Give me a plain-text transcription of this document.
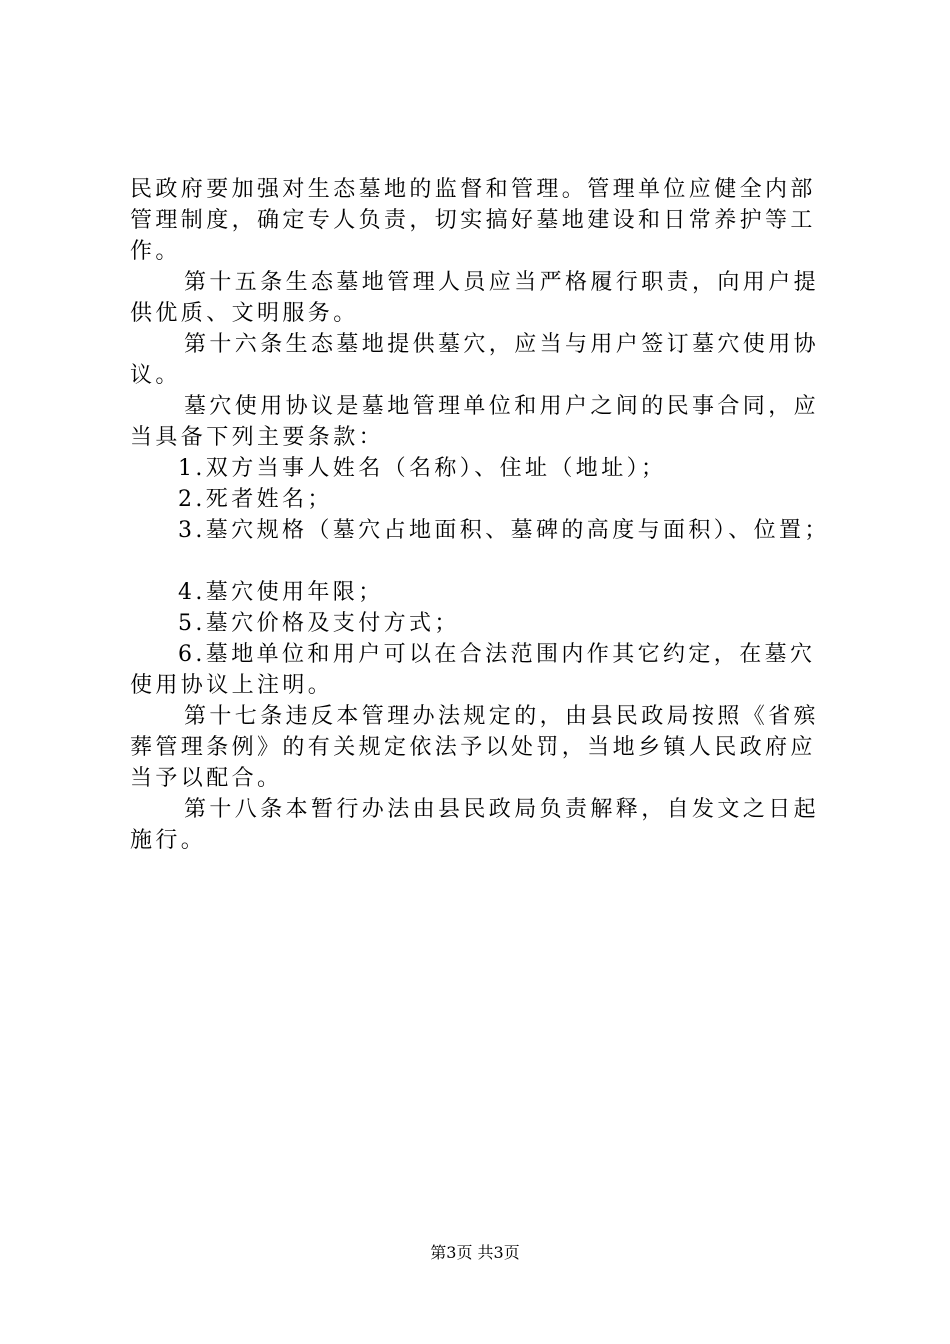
民政府要加强对生态墓地的监督和管理。管理单位应健全内部
管理制度，确定专人负责，切实搞好墓地建设和日常养护等工
作。
第十五条生态墓地管理人员应当严格履行职责，向用户提
供优质、文明服务。
第十六条生态墓地提供墓穴，应当与用户签订墓穴使用协
议。
墓穴使用协议是墓地管理单位和用户之间的民事合同，应
当具备下列主要条款：
1.双方当事人姓名（名称）、住址（地址）；
2.死者姓名；
3.墓穴规格（墓穴占地面积、墓碑的高度与面积）、位置；
4.墓穴使用年限；
5.墓穴价格及支付方式；
6.墓地单位和用户可以在合法范围内作其它约定，在墓穴
使用协议上注明。
第十七条违反本管理办法规定的，由县民政局按照《省殡
葬管理条例》的有关规定依法予以处罚，当地乡镇人民政府应
当予以配合。
第十八条本暂行办法由县民政局负责解释，自发文之日起
施行。
第3页 共3页
